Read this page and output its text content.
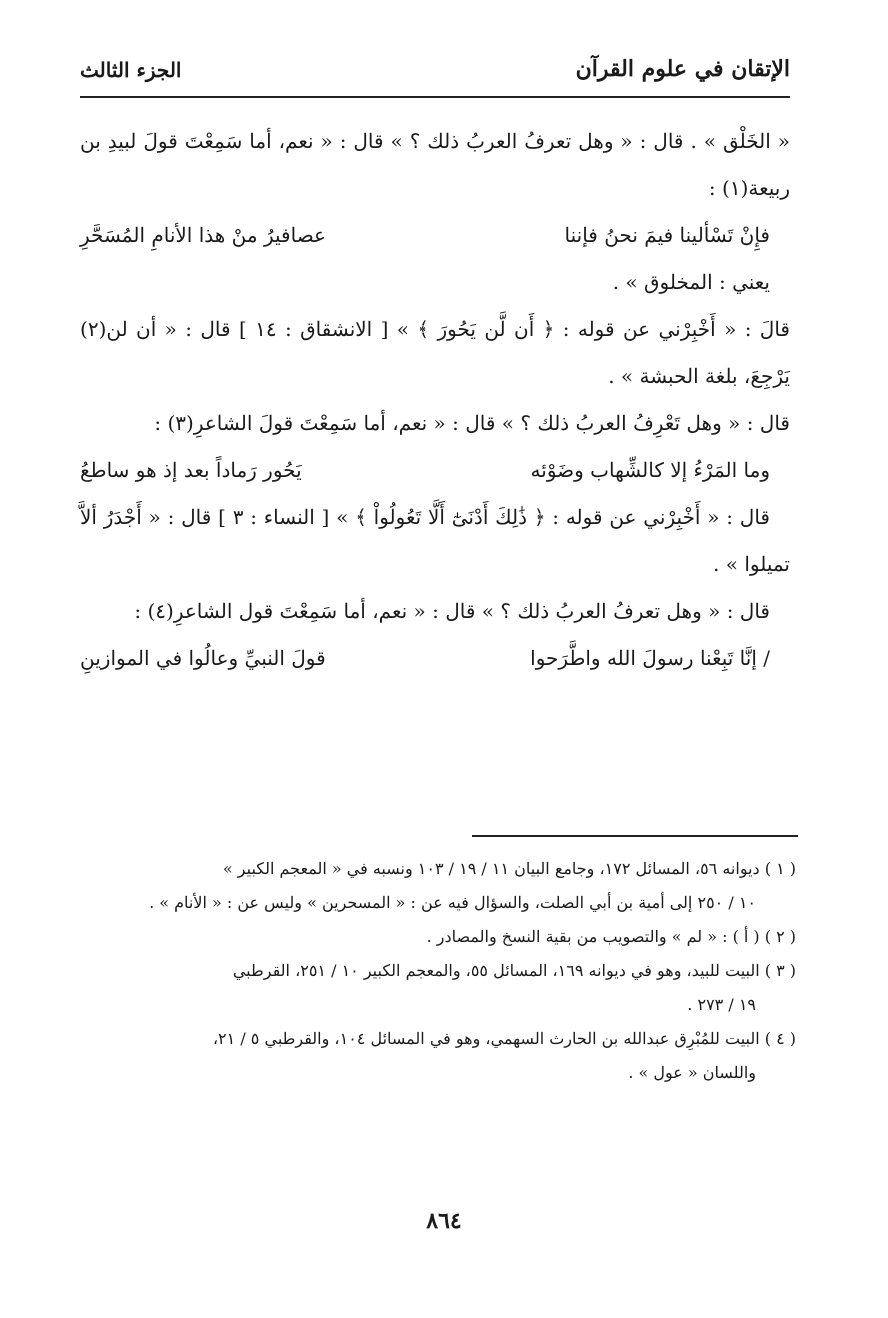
الإتقان في علوم القرآن
الجزء الثالث

« الخَلْق » . قال : « وهل تعرفُ العربُ ذلك ؟ » قال : « نعم، أما سَمِعْتَ قولَ لبيدِ بن ربيعة(١) :

فإِنْ تَسْألينا فيمَ نحنُ فإننا
عصافيرُ منْ هذا الأنامِ المُسَحَّرِ

يعني : المخلوق » .

قالَ : « أَخْبِرْني عن قوله : ﴿ أَن لَّن يَحُورَ ﴾ » [ الانشقاق : ١٤ ] قال : « أن لن(٢) يَرْجِعَ، بلغة الحبشة » .

قال : « وهل تَعْرِفُ العربُ ذلك ؟ » قال : « نعم، أما سَمِعْتَ قولَ الشاعرِ(٣) :

وما المَرْءُ إلا كالشِّهاب وضَوْئه
يَحُور رَماداً بعد إذ هو ساطعُ

قال : « أَخْبِرْني عن قوله : ﴿ ذَٰلِكَ أَدْنَىٰٓ أَلَّا تَعُولُواْ ﴾ » [ النساء : ٣ ] قال : « أَجْدَرُ ألاَّ تميلوا » .

قال : « وهل تعرفُ العربُ ذلك ؟ » قال : « نعم، أما سَمِعْتَ قول الشاعرِ(٤) :

/ إنَّا تَبِعْنا رسولَ الله واطَّرَحوا
قولَ النبيِّ وعالُوا في الموازينِ

( ١ ) ديوانه ٥٦، المسائل ١٧٢، وجامع البيان ١١ / ١٩ / ١٠٣ ونسبه في « المعجم الكبير »

١٠ / ٢٥٠ إلى أمية بن أبي الصلت، والسؤال فيه عن : « المسحرين » وليس عن : « الأنام » .

( ٢ ) ( أ ) : « لم » والتصويب من بقية النسخ والمصادر .

( ٣ ) البيت للبيد، وهو في ديوانه ١٦٩، المسائل ٥٥، والمعجم الكبير ١٠ / ٢٥١، القرطبي

١٩ / ٢٧٣ .

( ٤ ) البيت للمُبْرِق عبدالله بن الحارث السهمي، وهو في المسائل ١٠٤، والقرطبي ٥ / ٢١،

واللسان « عول » .

٨٦٤
